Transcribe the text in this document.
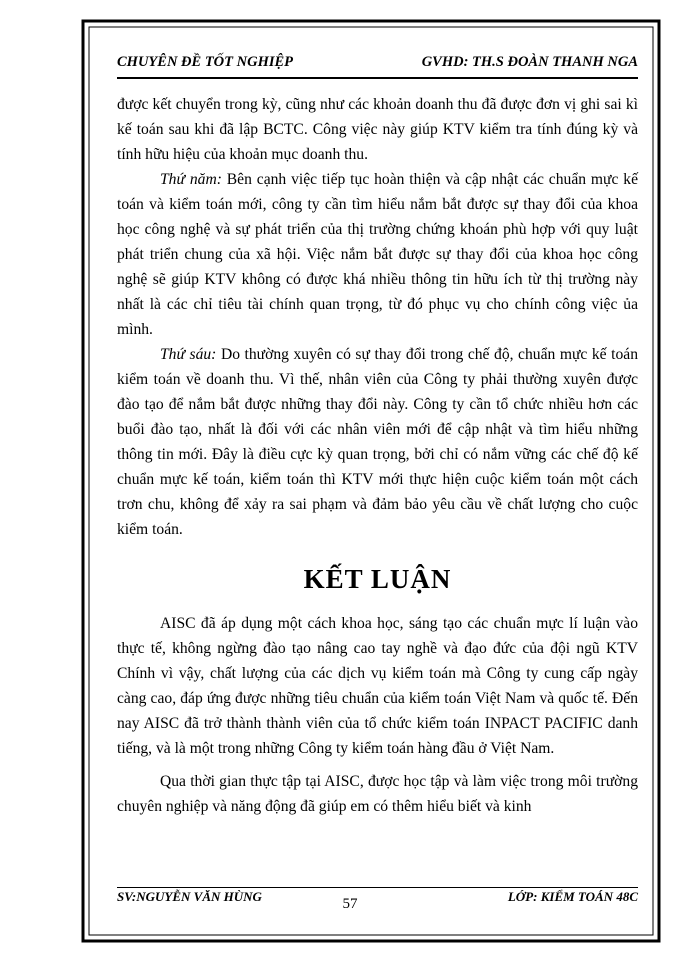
CHUYÊN ĐỀ TỐT NGHIỆP	GVHD: TH.S ĐOÀN THANH NGA

được kết chuyển trong kỳ, cũng như các khoản doanh thu đã được đơn vị ghi sai kì kế toán sau khi đã lập BCTC. Công việc này giúp KTV kiểm tra tính đúng kỳ và tính hữu hiệu của khoản mục doanh thu.

Thứ năm: Bên cạnh việc tiếp tục hoàn thiện và cập nhật các chuẩn mực kế toán và kiểm toán mới, công ty cần tìm hiểu nắm bắt được sự thay đổi của khoa học công nghệ và sự phát triển của thị trường chứng khoán phù hợp với quy luật phát triển chung của xã hội. Việc nắm bắt được sự thay đổi của khoa học công nghệ sẽ giúp KTV không có được khá nhiều thông tin hữu ích từ thị trường này nhất là các chỉ tiêu tài chính quan trọng, từ đó phục vụ cho chính công việc ủa mình.

Thứ sáu: Do thường xuyên có sự thay đổi trong chế độ, chuẩn mực kế toán kiểm toán về doanh thu. Vì thế, nhân viên của Công ty phải thường xuyên được đào tạo để nắm bắt được những thay đổi này. Công ty cần tổ chức nhiều hơn các buổi đào tạo, nhất là đối với các nhân viên mới để cập nhật và tìm hiểu những thông tin mới. Đây là điều cực kỳ quan trọng, bởi chỉ có nắm vững các chế độ kế chuẩn mực kế toán, kiểm toán thì KTV mới thực hiện cuộc kiểm toán một cách trơn chu, không để xảy ra sai phạm và đảm bảo yêu cầu về chất lượng cho cuộc kiểm toán.

KẾT LUẬN

AISC đã áp dụng một cách khoa học, sáng tạo các chuẩn mực lí luận vào thực tế, không ngừng đào tạo nâng cao tay nghề và đạo đức của đội ngũ KTV Chính vì vậy, chất lượng của các dịch vụ kiểm toán mà Công ty cung cấp ngày càng cao, đáp ứng được những tiêu chuẩn của kiểm toán Việt Nam và quốc tế. Đến nay AISC đã trở thành thành viên của tổ chức kiểm toán INPACT PACIFIC danh tiếng, và là một trong những Công ty kiểm toán hàng đầu ở Việt Nam.

Qua thời gian thực tập tại AISC, được học tập và làm việc trong môi trường chuyên nghiệp và năng động đã giúp em có thêm hiểu biết và kinh

SV:NGUYỄN VĂN HÙNG	LỚP: KIỂM TOÁN 48C
57
